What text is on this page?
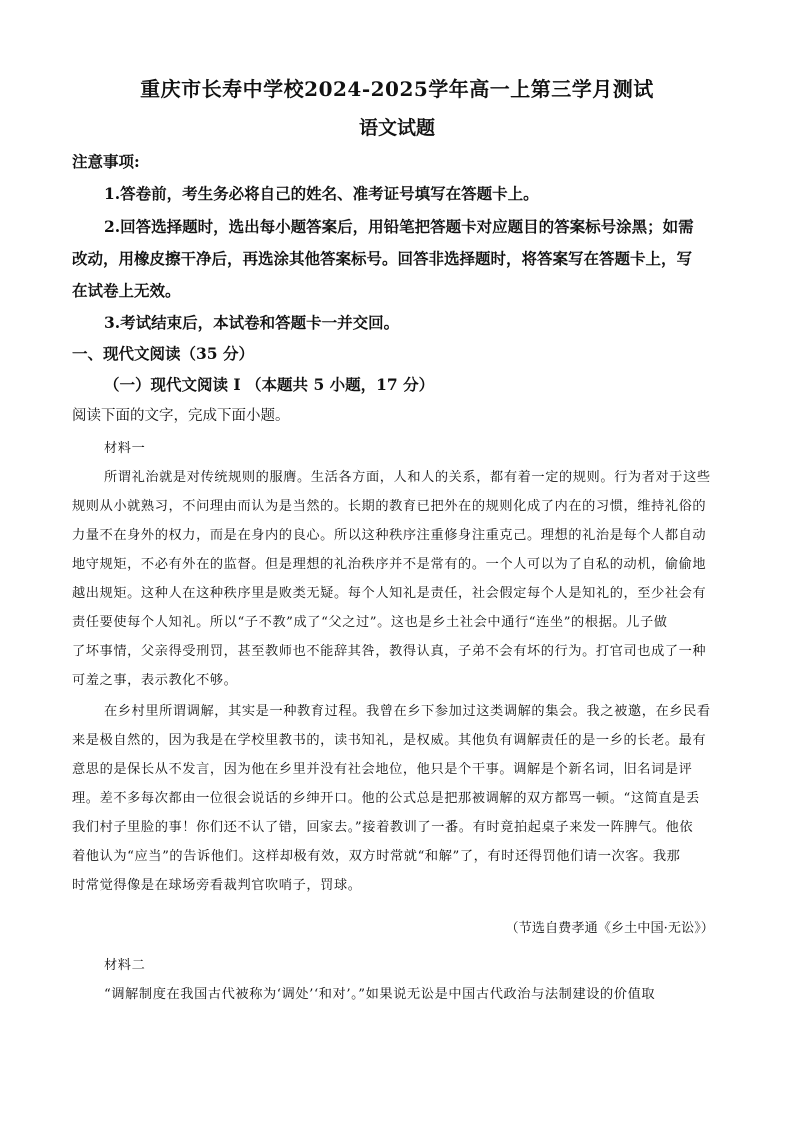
重庆市长寿中学校2024-2025学年高一上第三学月测试
语文试题
注意事项:
1.答卷前，考生务必将自己的姓名、准考证号填写在答题卡上。
2.回答选择题时，选出每小题答案后，用铅笔把答题卡对应题目的答案标号涂黑；如需
改动，用橡皮擦干净后，再选涂其他答案标号。回答非选择题时，将答案写在答题卡上，写
在试卷上无效。
3.考试结束后，本试卷和答题卡一并交回。
一、现代文阅读（35 分）
（一）现代文阅读 I （本题共 5 小题，17 分）
阅读下面的文字，完成下面小题。
材料一
所谓礼治就是对传统规则的服膺。生活各方面，人和人的关系，都有着一定的规则。行为者对于这些
规则从小就熟习，不问理由而认为是当然的。长期的教育已把外在的规则化成了内在的习惯，维持礼俗的
力量不在身外的权力，而是在身内的良心。所以这种秩序注重修身注重克己。理想的礼治是每个人都自动
地守规矩，不必有外在的监督。但是理想的礼治秩序并不是常有的。一个人可以为了自私的动机，偷偷地
越出规矩。这种人在这种秩序里是败类无疑。每个人知礼是责任，社会假定每个人是知礼的，至少社会有
责任要使每个人知礼。所以“子不教”成了“父之过”。这也是乡土社会中通行“连坐”的根据。儿子做
了坏事情，父亲得受刑罚，甚至教师也不能辞其咎，教得认真，子弟不会有坏的行为。打官司也成了一种
可羞之事，表示教化不够。
在乡村里所谓调解，其实是一种教育过程。我曾在乡下参加过这类调解的集会。我之被邀，在乡民看
来是极自然的，因为我是在学校里教书的，读书知礼，是权威。其他负有调解责任的是一乡的长老。最有
意思的是保长从不发言，因为他在乡里并没有社会地位，他只是个干事。调解是个新名词，旧名词是评
理。差不多每次都由一位很会说话的乡绅开口。他的公式总是把那被调解的双方都骂一顿。“这简直是丢
我们村子里脸的事！你们还不认了错，回家去。”接着教训了一番。有时竟拍起桌子来发一阵脾气。他依
着他认为“应当”的告诉他们。这样却极有效，双方时常就“和解”了，有时还得罚他们请一次客。我那
时常觉得像是在球场旁看裁判官吹哨子，罚球。
（节选自费孝通《乡土中国·无讼》）
材料二
“调解制度在我国古代被称为‘调处’‘和对’。”如果说无讼是中国古代政治与法制建设的价值取
